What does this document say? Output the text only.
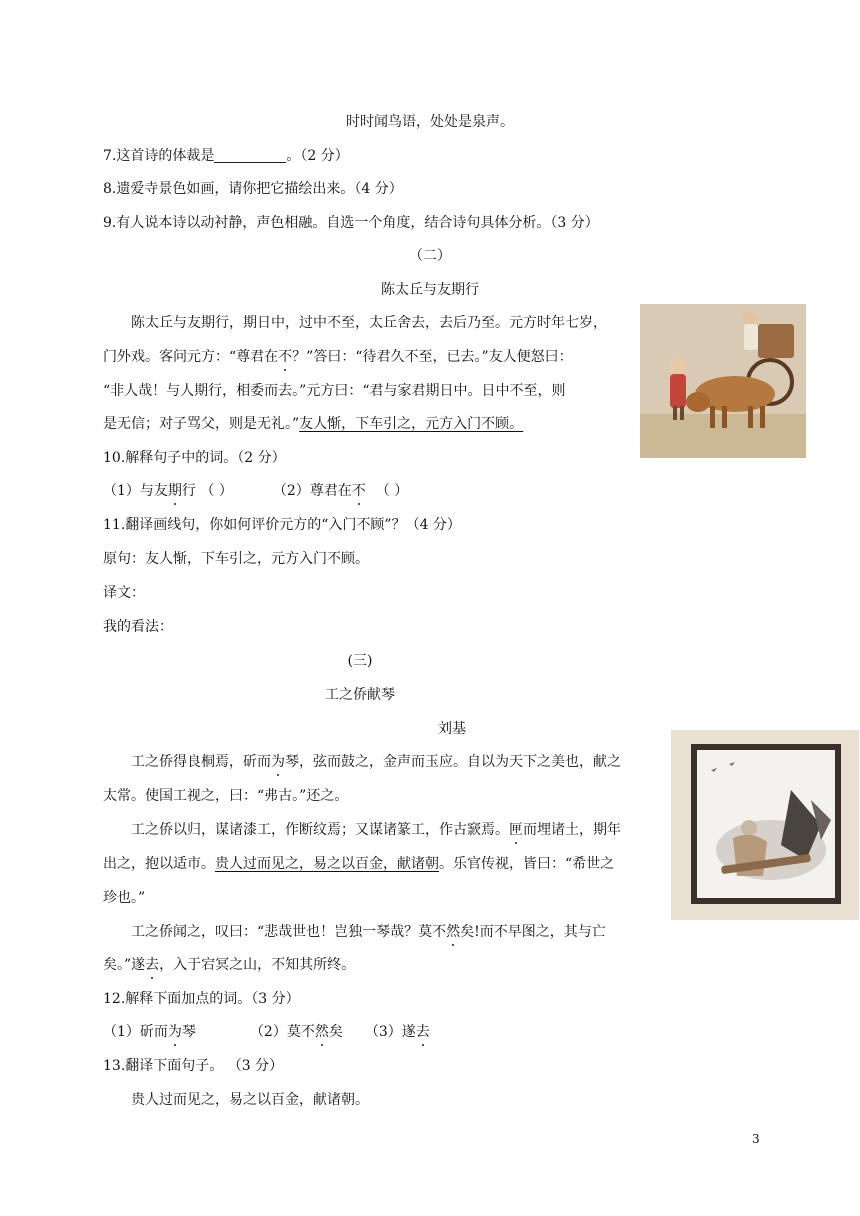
时时闻鸟语，处处是泉声。
7.这首诗的体裁是	。（2 分）
8.遗爱寺景色如画，请你把它描绘出来。（4 分）
9.有人说本诗以动衬静，声色相融。自选一个角度，结合诗句具体分析。（3 分）
（二）
陈太丘与友期行
陈太丘与友期行，期日中，过中不至，太丘舍去，去后乃至。元方时年七岁，
门外戏。客问元方：“尊君在不？”答曰：“待君久不至，已去。”友人便怒曰：
“非人哉！与人期行，相委而去。”元方曰：“君与家君期日中。日中不至，则
是无信；对子骂父，则是无礼。”友人惭，下车引之，元方入门不顾。
10.解释句子中的词。（2 分）
（1）与友期行 （ ）	（2）尊君在不 （ ）
11.翻译画线句，你如何评价元方的“入门不顾”？（4 分）
原句：友人惭，下车引之，元方入门不顾。
译文：
我的看法：
(三)
工之侨献琴
刘基
工之侨得良桐焉，斫而为琴，弦而鼓之，金声而玉应。自以为天下之美也，献之
太常。使国工视之，曰：“弗古。”还之。
工之侨以归，谋诸漆工，作断纹焉；又谋诸篆工，作古窾焉。匣而埋诸土，期年
出之，抱以适市。贵人过而见之，易之以百金，献诸朝。乐官传视，皆曰：“希世之
珍也。”
工之侨闻之，叹曰：“悲哉世也！岂独一琴哉？莫不然矣!而不早图之，其与亡
矣。”遂去，入于宕冥之山，不知其所终。
12.解释下面加点的词。（3 分）
（1）斫而为琴	（2）莫不然矣 （3）遂去
13.翻译下面句子。 （3 分）
贵人过而见之，易之以百金，献诸朝。
3
